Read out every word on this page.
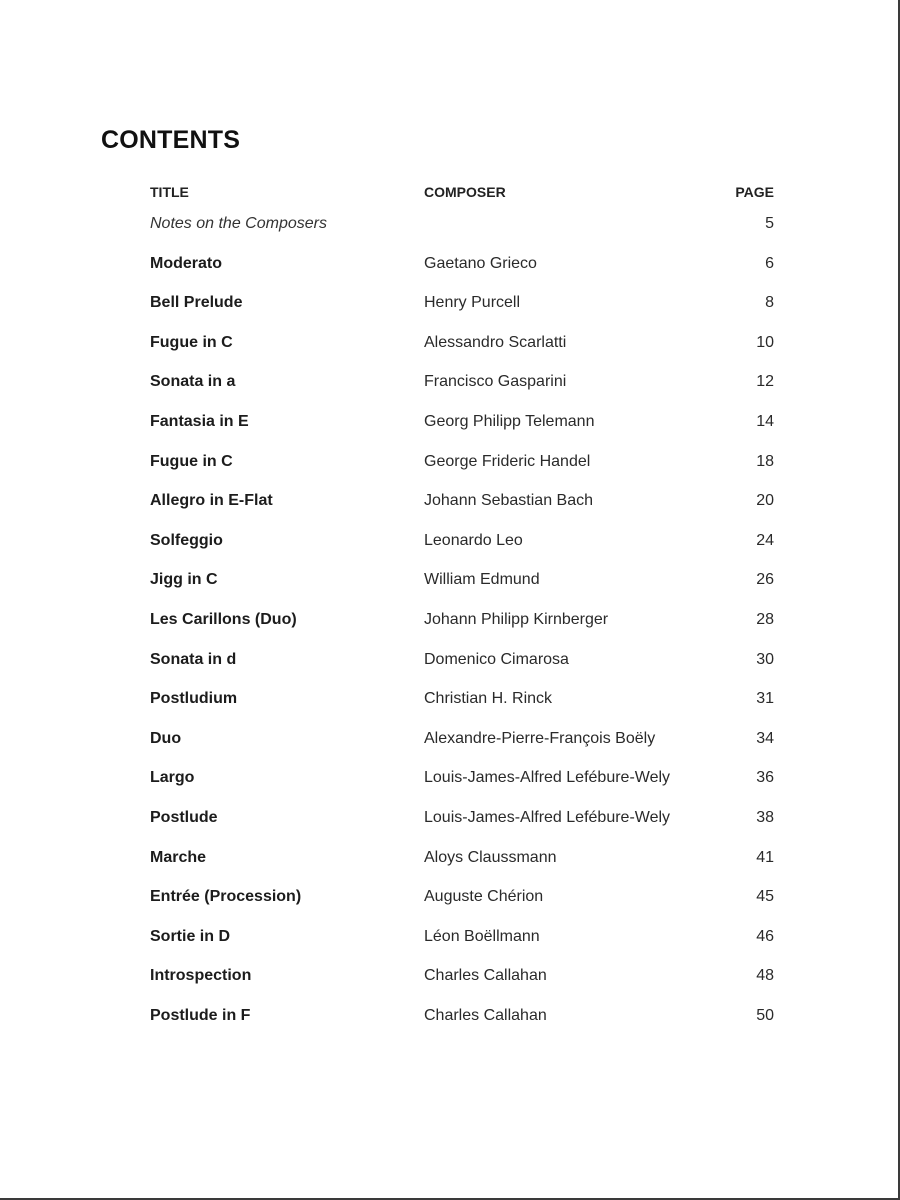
CONTENTS
TITLE	COMPOSER	PAGE
Notes on the Composers	5
Moderato	Gaetano Grieco	6
Bell Prelude	Henry Purcell	8
Fugue in C	Alessandro Scarlatti	10
Sonata in a	Francisco Gasparini	12
Fantasia in E	Georg Philipp Telemann	14
Fugue in C	George Frideric Handel	18
Allegro in E-Flat	Johann Sebastian Bach	20
Solfeggio	Leonardo Leo	24
Jigg in C	William Edmund	26
Les Carillons (Duo)	Johann Philipp Kirnberger	28
Sonata in d	Domenico Cimarosa	30
Postludium	Christian H. Rinck	31
Duo	Alexandre-Pierre-François Boëly	34
Largo	Louis-James-Alfred Lefébure-Wely	36
Postlude	Louis-James-Alfred Lefébure-Wely	38
Marche	Aloys Claussmann	41
Entrée (Procession)	Auguste Chérion	45
Sortie in D	Léon Boëllmann	46
Introspection	Charles Callahan	48
Postlude in F	Charles Callahan	50
